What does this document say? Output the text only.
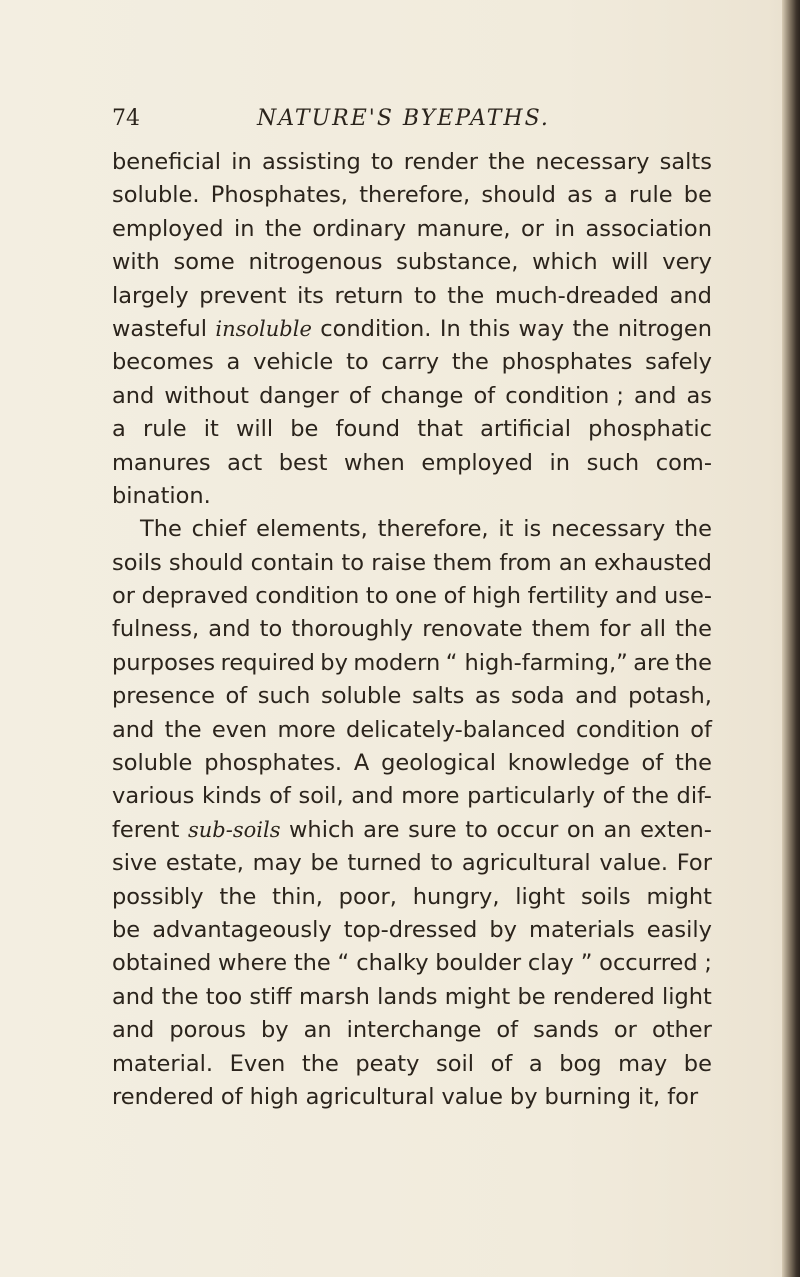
74	NATURE'S BYEPATHS.
beneficial in assisting to render the necessary salts
soluble. Phosphates, therefore, should as a rule be
employed in the ordinary manure, or in association
with some nitrogenous substance, which will very
largely prevent its return to the much-dreaded and
wasteful insoluble condition. In this way the nitrogen
becomes a vehicle to carry the phosphates safely
and without danger of change of condition ; and as
a rule it will be found that artificial phosphatic
manures act best when employed in such com-
bination.
The chief elements, therefore, it is necessary the
soils should contain to raise them from an exhausted
or depraved condition to one of high fertility and use-
fulness, and to thoroughly renovate them for all the
purposes required by modern “ high-farming,” are the
presence of such soluble salts as soda and potash,
and the even more delicately-balanced condition of
soluble phosphates. A geological knowledge of the
various kinds of soil, and more particularly of the dif-
ferent sub-soils which are sure to occur on an exten-
sive estate, may be turned to agricultural value. For
possibly the thin, poor, hungry, light soils might
be advantageously top-dressed by materials easily
obtained where the “ chalky boulder clay ” occurred ;
and the too stiff marsh lands might be rendered light
and porous by an interchange of sands or other
material. Even the peaty soil of a bog may be
rendered of high agricultural value by burning it, for
